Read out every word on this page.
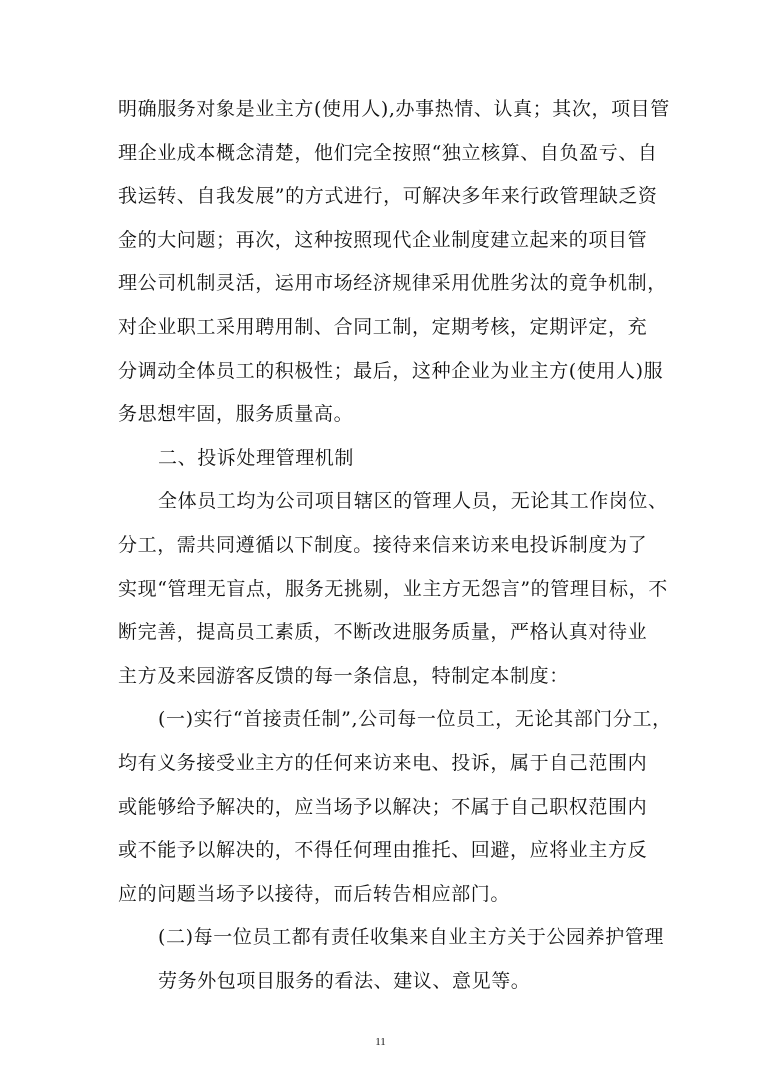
明确服务对象是业主方(使用人),办事热情、认真；其次，项目管
理企业成本概念清楚，他们完全按照“独立核算、自负盈亏、自
我运转、自我发展”的方式进行，可解决多年来行政管理缺乏资
金的大问题；再次，这种按照现代企业制度建立起来的项目管
理公司机制灵活，运用市场经济规律采用优胜劣汰的竟争机制，
对企业职工采用聘用制、合同工制，定期考核，定期评定，充
分调动全体员工的积极性；最后，这种企业为业主方(使用人)服
务思想牢固，服务质量高。
二、投诉处理管理机制
全体员工均为公司项目辖区的管理人员，无论其工作岗位、
分工，需共同遵循以下制度。接待来信来访来电投诉制度为了
实现“管理无盲点，服务无挑剔，业主方无怨言”的管理目标，不
断完善，提高员工素质，不断改进服务质量，严格认真对待业
主方及来园游客反馈的每一条信息，特制定本制度：
(一)实行“首接责任制”,公司每一位员工，无论其部门分工，
均有义务接受业主方的任何来访来电、投诉，属于自己范围内
或能够给予解决的，应当场予以解决；不属于自己职权范围内
或不能予以解决的，不得任何理由推托、回避，应将业主方反
应的问题当场予以接待，而后转告相应部门。
(二)每一位员工都有责任收集来自业主方关于公园养护管理
劳务外包项目服务的看法、建议、意见等。
11
